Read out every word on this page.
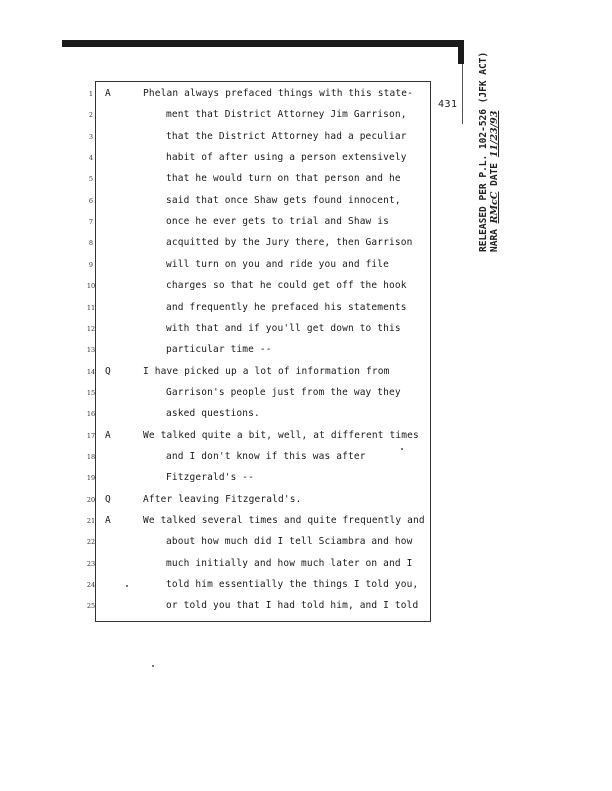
431 RELEASED PER P.L. 102-526 (JFK ACT) NARA RMcC DATE 11/23/93
1	A	Phelan always prefaced things with this state-
2	ment that District Attorney Jim Garrison,
3	that the District Attorney had a peculiar
4	habit of after using a person extensively
5	that he would turn on that person and he
6	said that once Shaw gets found innocent,
7	once he ever gets to trial and Shaw is
8	acquitted by the Jury there, then Garrison
9	will turn on you and ride you and file
10	charges so that he could get off the hook
11	and frequently he prefaced his statements
12	with that and if you'll get down to this
13	particular time --
14	Q	I have picked up a lot of information from
15	Garrison's people just from the way they
16	asked questions.
17	A	We talked quite a bit, well, at different times
18	and I don't know if this was after
19	Fitzgerald's --
20	Q	After leaving Fitzgerald's.
21	A	We talked several times and quite frequently and
22	about how much did I tell Sciambra and how
23	much initially and how much later on and I
24	told him essentially the things I told you,
25	or told you that I had told him, and I told
